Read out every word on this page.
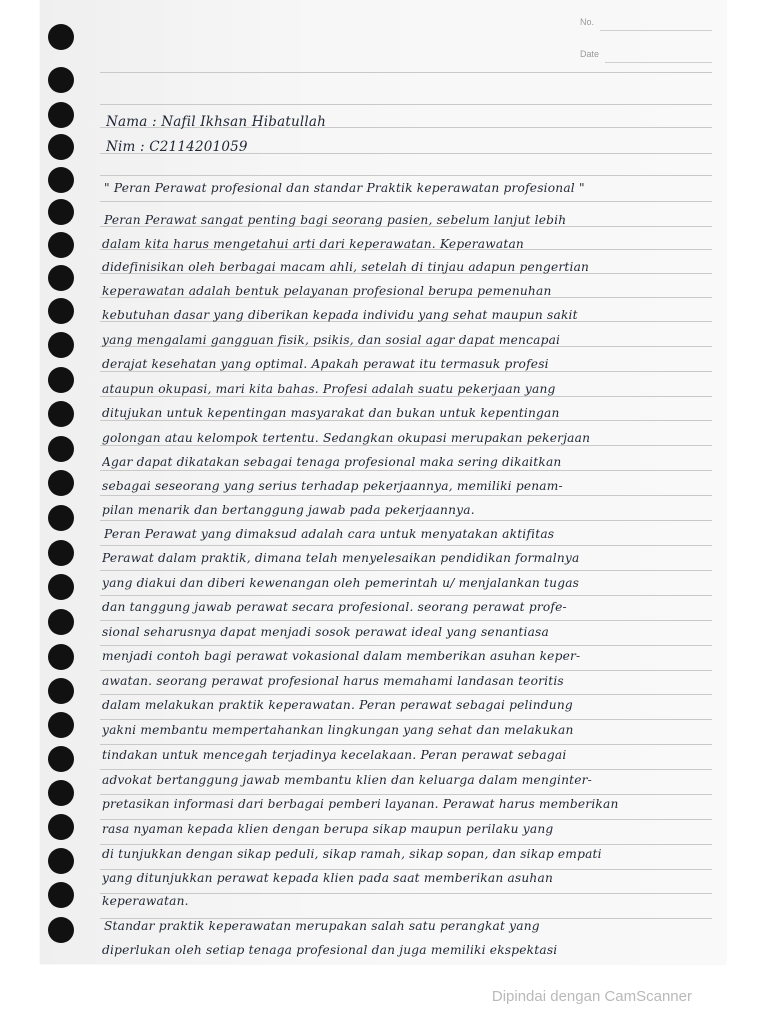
No.
Date
Nama : Nafil Ikhsan Hibatullah
Nim : C2114201059
" Peran Perawat profesional dan standar Praktik keperawatan profesional "
Peran Perawat sangat penting bagi seorang pasien, sebelum lanjut lebih
dalam kita harus mengetahui arti dari keperawatan. Keperawatan
didefinisikan oleh berbagai macam ahli, setelah di tinjau adapun pengertian
keperawatan adalah bentuk pelayanan profesional berupa pemenuhan
kebutuhan dasar yang diberikan kepada individu yang sehat maupun sakit
yang mengalami gangguan fisik, psikis, dan sosial agar dapat mencapai
derajat kesehatan yang optimal. Apakah perawat itu termasuk profesi
ataupun okupasi, mari kita bahas. Profesi adalah suatu pekerjaan yang
ditujukan untuk kepentingan masyarakat dan bukan untuk kepentingan
golongan atau kelompok tertentu. Sedangkan okupasi merupakan pekerjaan
Agar dapat dikatakan sebagai tenaga profesional maka sering dikaitkan
sebagai seseorang yang serius terhadap pekerjaannya, memiliki penam-
pilan menarik dan bertanggung jawab pada pekerjaannya.
Peran Perawat yang dimaksud adalah cara untuk menyatakan aktifitas
Perawat dalam praktik, dimana telah menyelesaikan pendidikan formalnya
yang diakui dan diberi kewenangan oleh pemerintah u/ menjalankan tugas
dan tanggung jawab perawat secara profesional. seorang perawat profe-
sional seharusnya dapat menjadi sosok perawat ideal yang senantiasa
menjadi contoh bagi perawat vokasional dalam memberikan asuhan keper-
awatan. seorang perawat profesional harus memahami landasan teoritis
dalam melakukan praktik keperawatan. Peran perawat sebagai pelindung
yakni membantu mempertahankan lingkungan yang sehat dan melakukan
tindakan untuk mencegah terjadinya kecelakaan. Peran perawat sebagai
advokat bertanggung jawab membantu klien dan keluarga dalam menginter-
pretasikan informasi dari berbagai pemberi layanan. Perawat harus memberikan
rasa nyaman kepada klien dengan berupa sikap maupun perilaku yang
di tunjukkan dengan sikap peduli, sikap ramah, sikap sopan, dan sikap empati
yang ditunjukkan perawat kepada klien pada saat memberikan asuhan
keperawatan.
Standar praktik keperawatan merupakan salah satu perangkat yang
diperlukan oleh setiap tenaga profesional dan juga memiliki ekspektasi
Dipindai dengan CamScanner
